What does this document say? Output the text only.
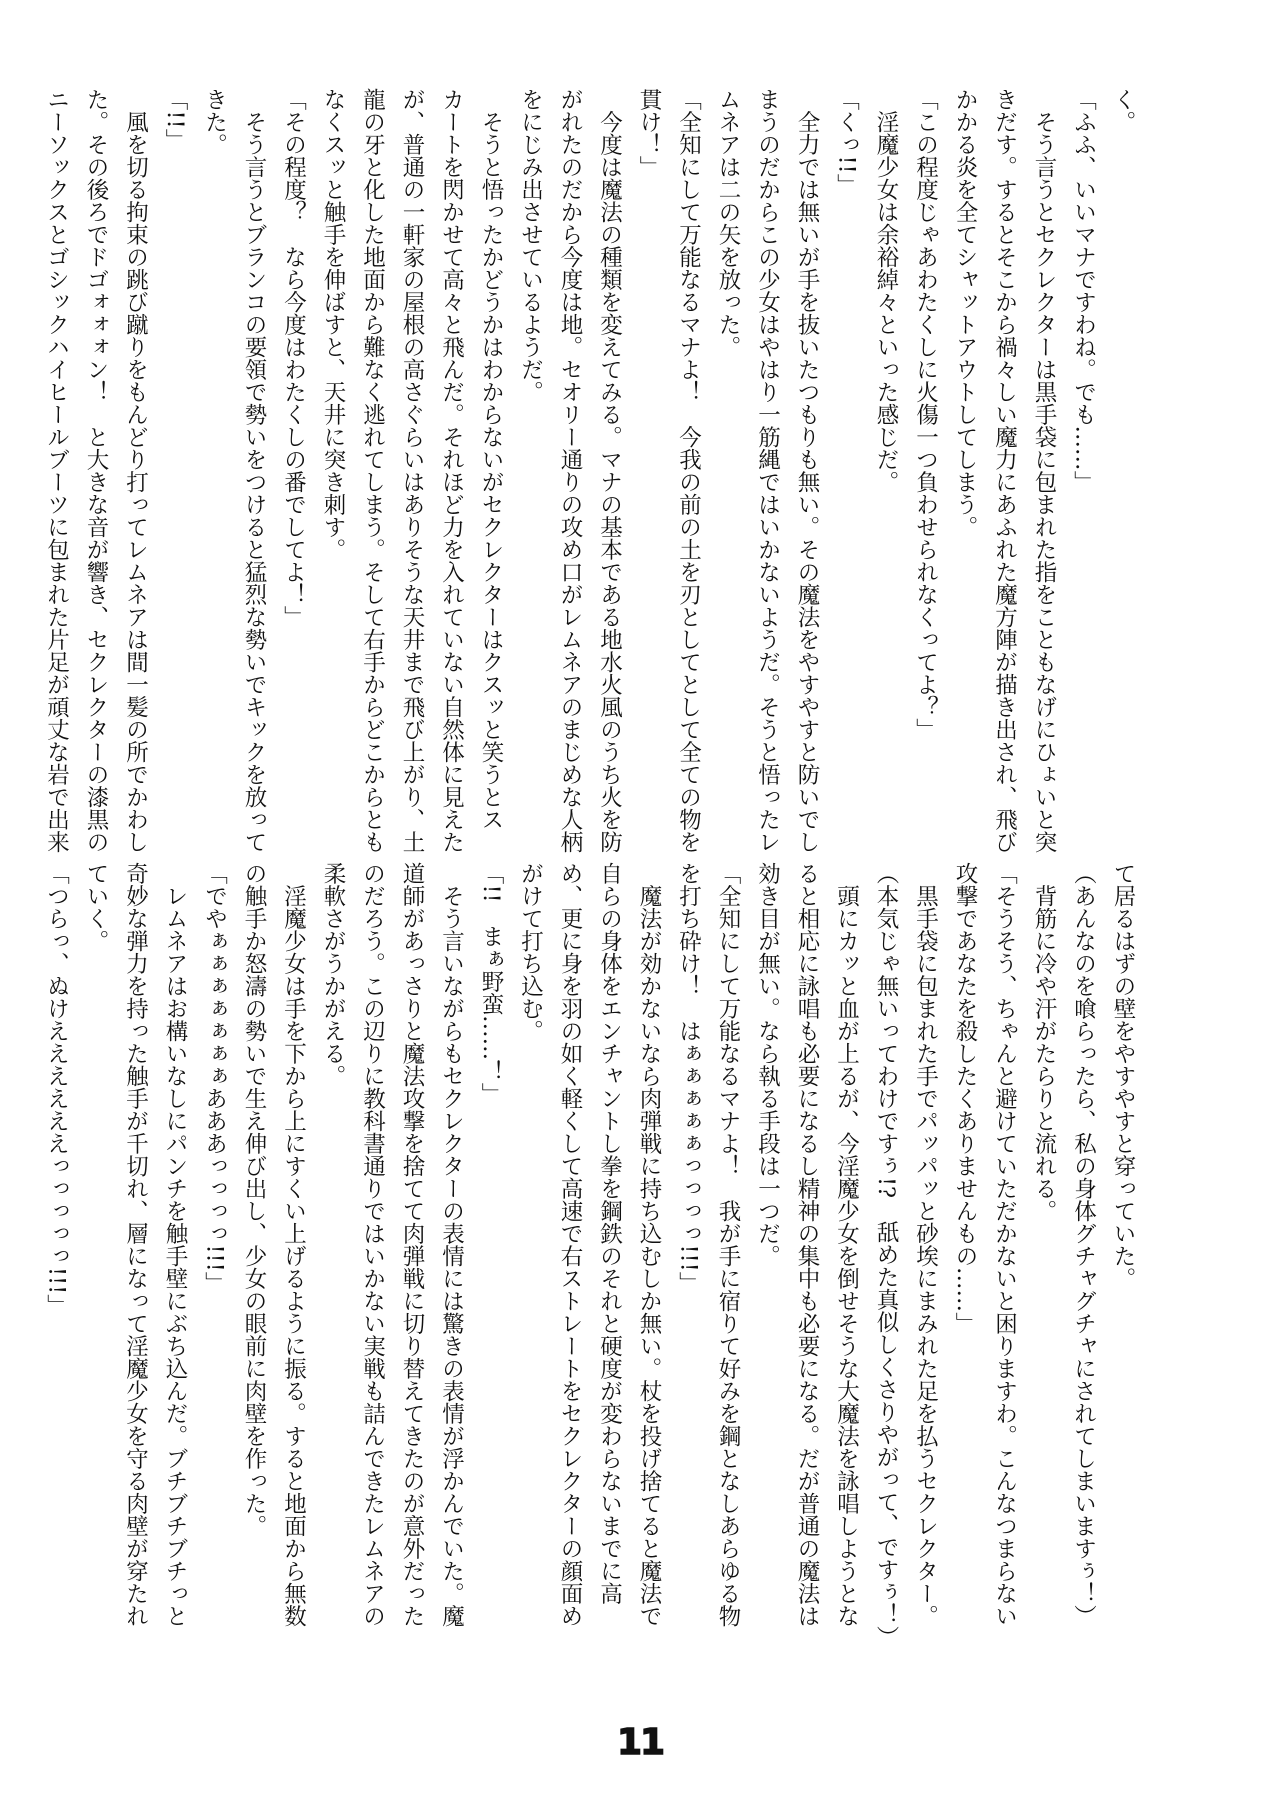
く。
「ふふ、いいマナですわね。でも……」
　そう言うとセクレクターは黒手袋に包まれた指をこともなげにひょいと突
きだす。するとそこから禍々しい魔力にあふれた魔方陣が描き出され、飛び
かかる炎を全てシャットアウトしてしまう。
「この程度じゃあわたくしに火傷一つ負わせられなくってよ？」
　淫魔少女は余裕綽々といった感じだ。
「くっ!!」
　全力では無いが手を抜いたつもりも無い。その魔法をやすやすと防いでし
まうのだからこの少女はやはり一筋縄ではいかないようだ。そうと悟ったレ
ムネアは二の矢を放った。
「全知にして万能なるマナよ！　今我の前の土を刃としてとして全ての物を
貫け！」
　今度は魔法の種類を変えてみる。マナの基本である地水火風のうち火を防
がれたのだから今度は地。セオリー通りの攻め口がレムネアのまじめな人柄
をにじみ出させているようだ。
　そうと悟ったかどうかはわからないがセクレクターはクスッと笑うとス
カートを閃かせて高々と飛んだ。それほど力を入れていない自然体に見えた
が、普通の一軒家の屋根の高さぐらいはありそうな天井まで飛び上がり、土
龍の牙と化した地面から難なく逃れてしまう。そして右手からどこからとも
なくスッと触手を伸ばすと、天井に突き刺す。
「その程度？　なら今度はわたくしの番でしてよ！」
　そう言うとブランコの要領で勢いをつけると猛烈な勢いでキックを放って
きた。
「!!」
　風を切る拘束の跳び蹴りをもんどり打ってレムネアは間一髪の所でかわし
た。その後ろでドゴォォォン！　と大きな音が響き、セクレクターの漆黒の
ニーソックスとゴシックハイヒールブーツに包まれた片足が頑丈な岩で出来
て居るはずの壁をやすやすと穿っていた。
（あんなのを喰らったら、私の身体グチャグチャにされてしまいますぅ！）
　背筋に冷や汗がたらりと流れる。
「そうそう、ちゃんと避けていただかないと困りますわ。こんなつまらない
攻撃であなたを殺したくありませんもの……」
　黒手袋に包まれた手でパッパッと砂埃にまみれた足を払うセクレクター。
（本気じゃ無いってわけですぅ!?　舐めた真似しくさりやがって、ですぅ！）
　頭にカッと血が上るが、今淫魔少女を倒せそうな大魔法を詠唱しようとな
ると相応に詠唱も必要になるし精神の集中も必要になる。だが普通の魔法は
効き目が無い。なら執る手段は一つだ。
「全知にして万能なるマナよ！　我が手に宿りて好みを鋼となしあらゆる物
を打ち砕け！　はぁぁぁぁぁっっっっ!!!」
　魔法が効かないなら肉弾戦に持ち込むしか無い。杖を投げ捨てると魔法で
自らの身体をエンチャントし拳を鋼鉄のそれと硬度が変わらないまでに高
め、更に身を羽の如く軽くして高速で右ストレートをセクレクターの顔面め
がけて打ち込む。
「!!　まぁ野蛮……！」
　そう言いながらもセクレクターの表情には驚きの表情が浮かんでいた。魔
道師があっさりと魔法攻撃を捨てて肉弾戦に切り替えてきたのが意外だった
のだろう。この辺りに教科書通りではいかない実戦も詰んできたレムネアの
柔軟さがうかがえる。
　淫魔少女は手を下から上にすくい上げるように振る。すると地面から無数
の触手か怒濤の勢いで生え伸び出し、少女の眼前に肉壁を作った。
「でやぁぁぁぁぁぁぁあああっっっっ!!!」
　レムネアはお構いなしにパンチを触手壁にぶち込んだ。ブチブチブチっと
奇妙な弾力を持った触手が千切れ、層になって淫魔少女を守る肉壁が穿たれ
ていく。
「つらっ、ぬけええええええっっっっっ!!!」
11
